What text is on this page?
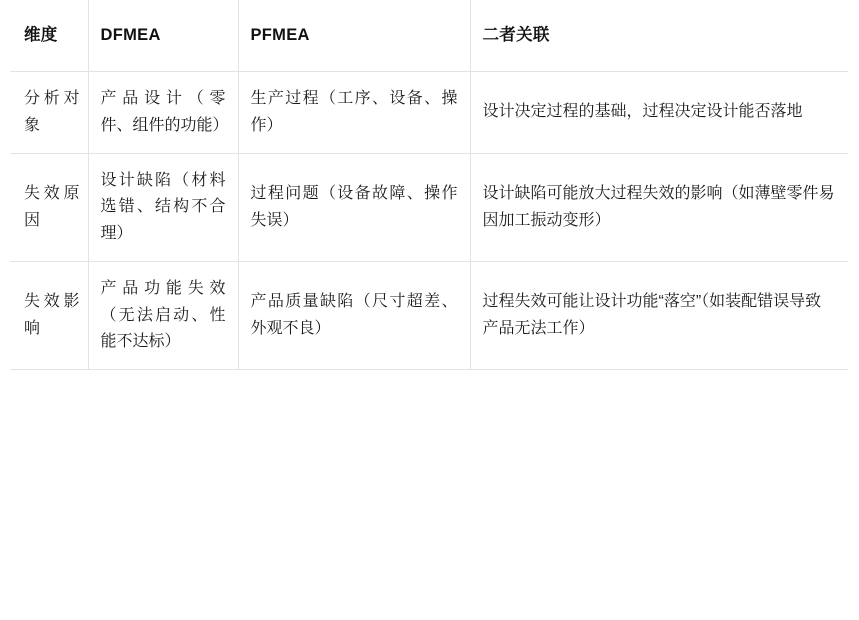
维度	DFMEA	PFMEA	二者关联
分析对象	产品设计（零件、组件的功能）	生产过程（工序、设备、操作）	设计决定过程的基础，过程决定设计能否落地
失效原因	设计缺陷（材料选错、结构不合理）	过程问题（设备故障、操作失误）	设计缺陷可能放大过程失效的影响（如薄壁零件易因加工振动变形）
失效影响	产品功能失效（无法启动、性能不达标）	产品质量缺陷（尺寸超差、外观不良）	过程失效可能让设计功能“落空”（如装配错误导致产品无法工作）
